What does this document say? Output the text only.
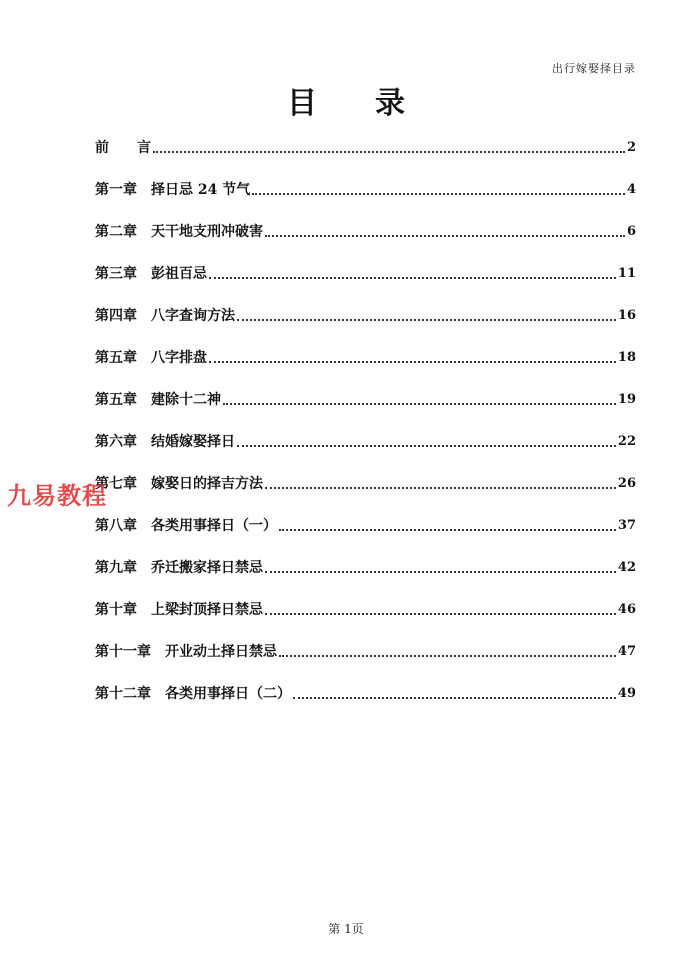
出行嫁娶择目录
目录
前　　言	2
第一章　择日忌 24 节气	4
第二章　天干地支刑冲破害	6
第三章　彭祖百忌	11
第四章　八字查询方法	16
第五章　八字排盘	18
第五章　建除十二神	19
第六章　结婚嫁娶择日	22
第七章　嫁娶日的择吉方法	26
第八章　各类用事择日（一）	37
第九章　乔迁搬家择日禁忌	42
第十章　上梁封顶择日禁忌	46
第十一章　开业动土择日禁忌	47
第十二章　各类用事择日（二）	49
九易教程
第 1页
